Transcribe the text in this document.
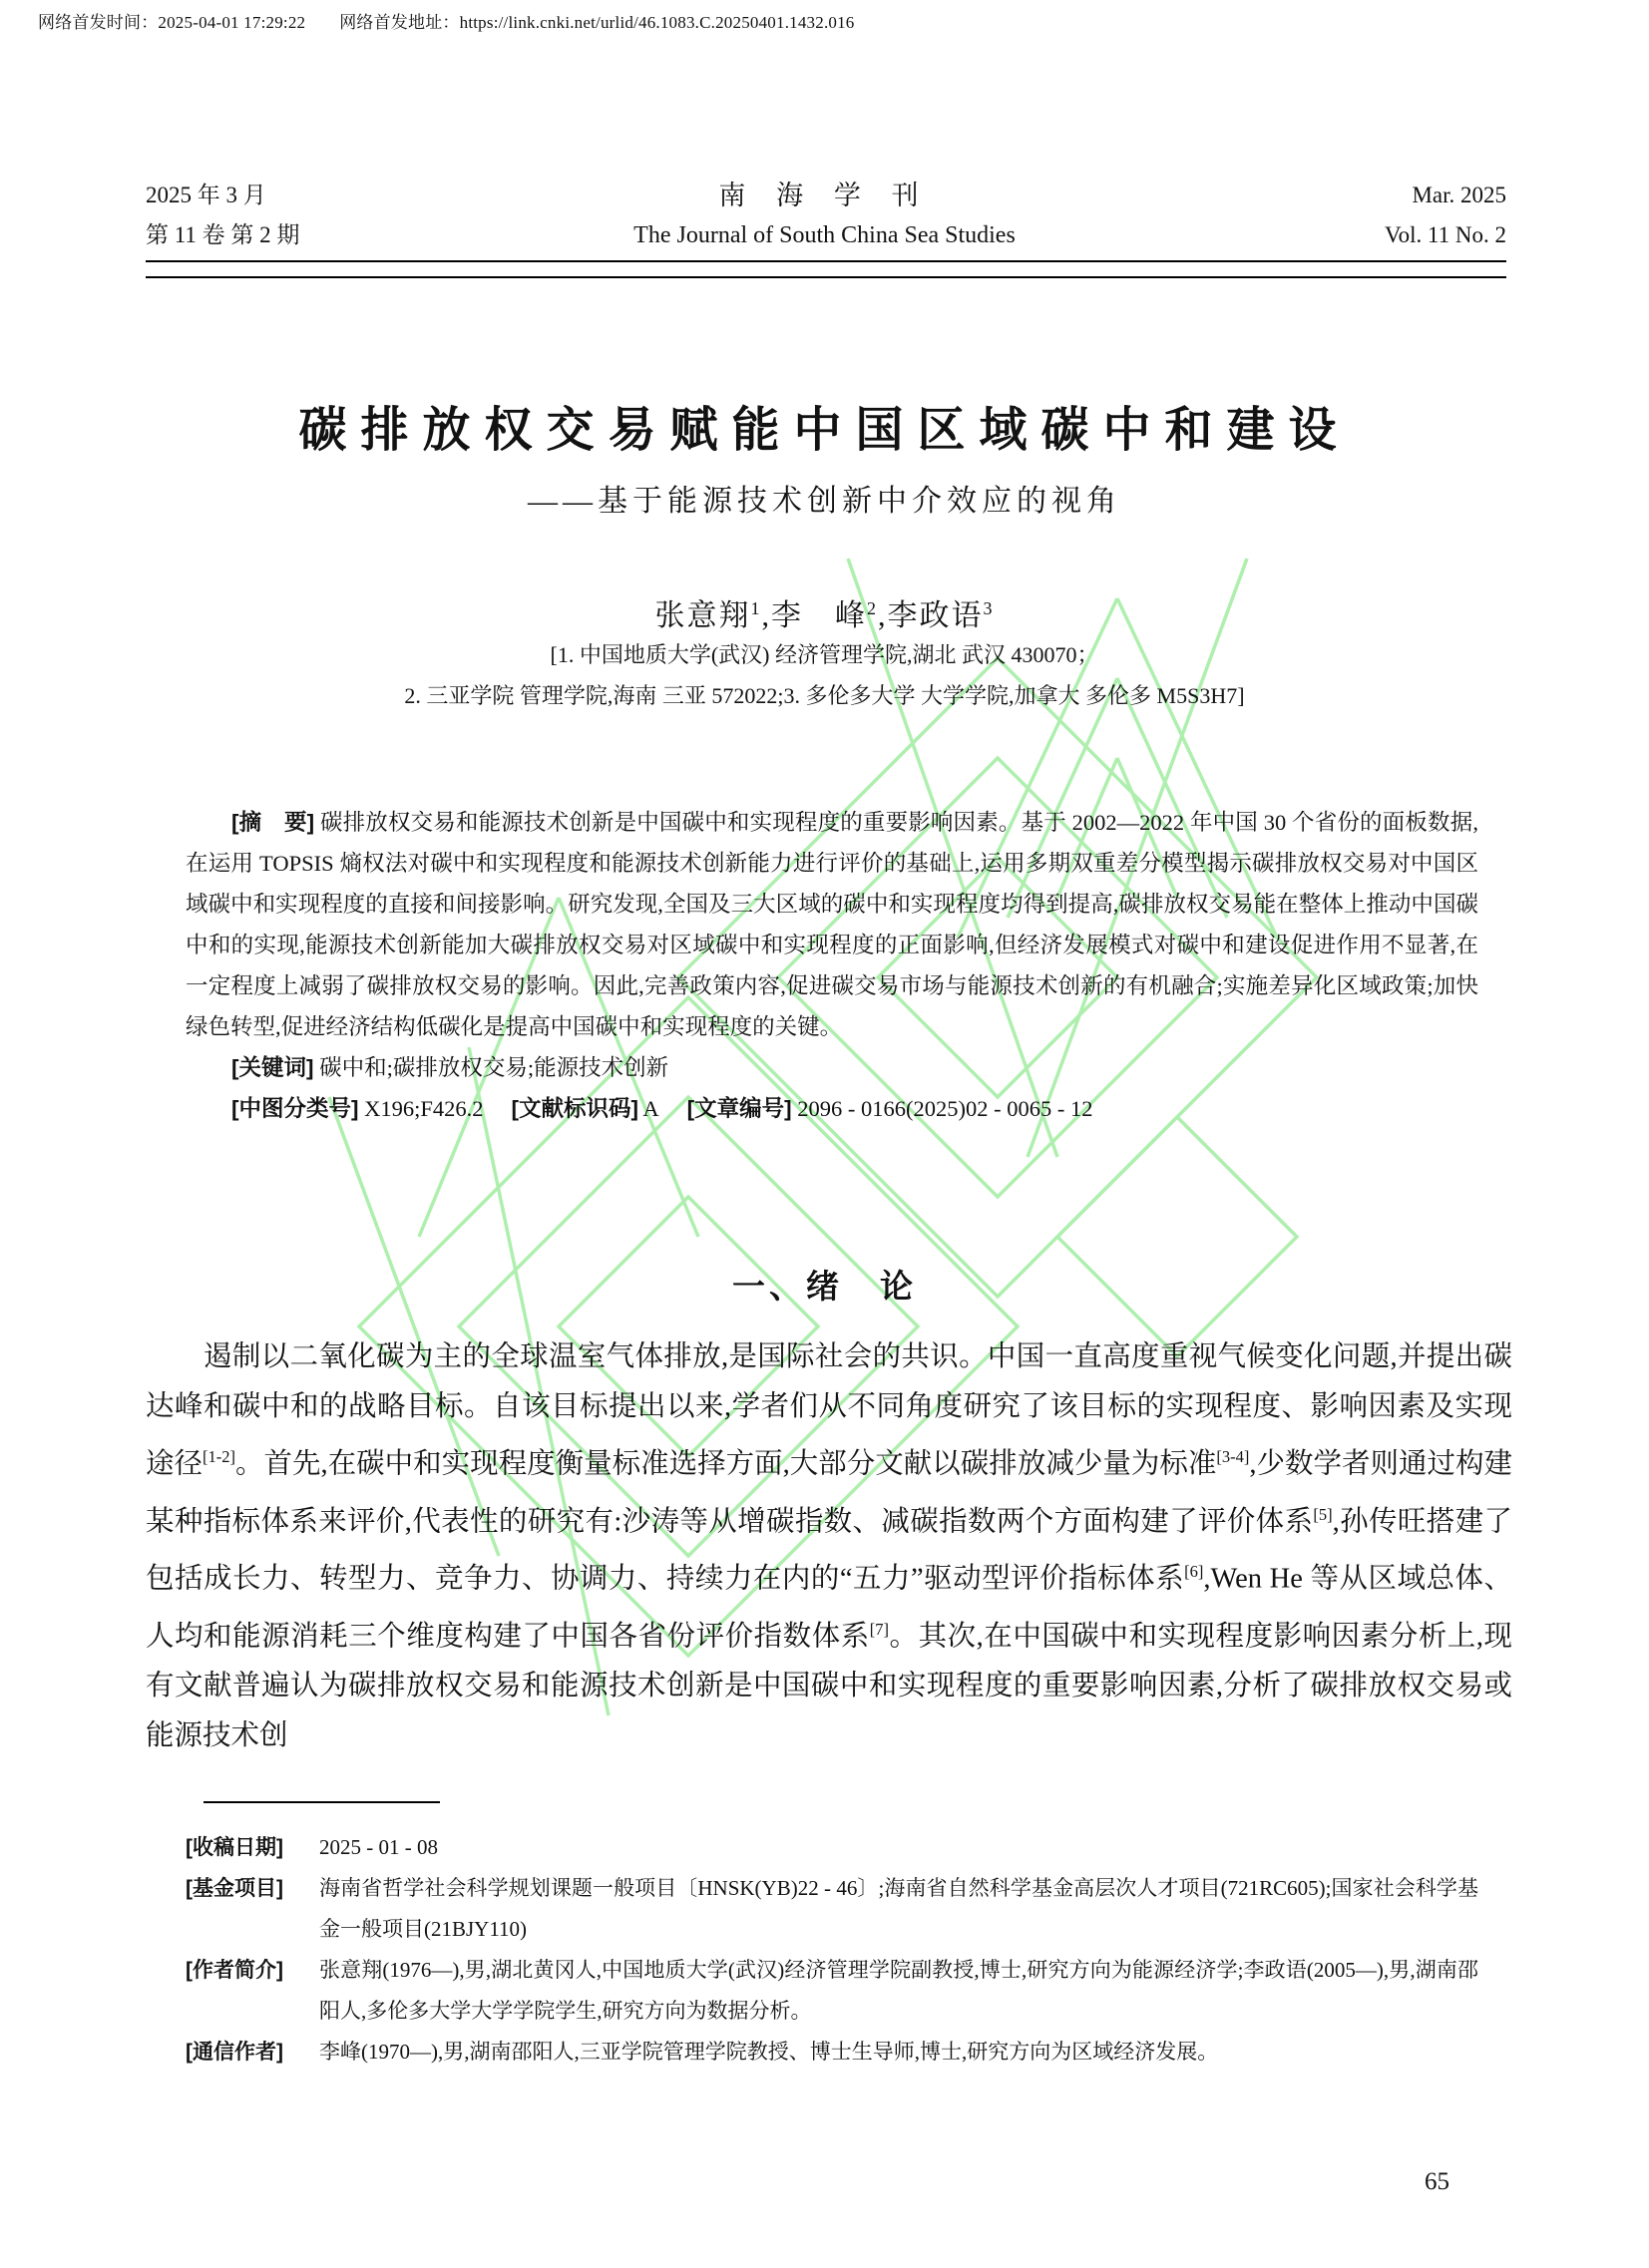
网络首发时间：2025-04-01 17:29:22 网络首发地址：https://link.cnki.net/urlid/46.1083.C.20250401.1432.016
2025 年 3 月
第 11 卷 第 2 期
南 海 学 刊
The Journal of South China Sea Studies
Mar. 2025
Vol. 11 No. 2
碳排放权交易赋能中国区域碳中和建设
——基于能源技术创新中介效应的视角
张意翔$^1$,李　峰$^2$,李政语$^3$
[1. 中国地质大学(武汉) 经济管理学院,湖北 武汉 430070；
2. 三亚学院 管理学院,海南 三亚 572022;3. 多伦多大学 大学学院,加拿大 多伦多 M5S3H7]

[摘　要] 碳排放权交易和能源技术创新是中国碳中和实现程度的重要影响因素。基于 2002—2022 年中国 30 个省份的面板数据,在运用 TOPSIS 熵权法对碳中和实现程度和能源技术创新能力进行评价的基础上,运用多期双重差分模型揭示碳排放权交易对中国区域碳中和实现程度的直接和间接影响。研究发现,全国及三大区域的碳中和实现程度均得到提高,碳排放权交易能在整体上推动中国碳中和的实现,能源技术创新能加大碳排放权交易对区域碳中和实现程度的正面影响,但经济发展模式对碳中和建设促进作用不显著,在一定程度上减弱了碳排放权交易的影响。因此,完善政策内容,促进碳交易市场与能源技术创新的有机融合;实施差异化区域政策;加快绿色转型,促进经济结构低碳化是提高中国碳中和实现程度的关键。

[关键词] 碳中和;碳排放权交易;能源技术创新

[中图分类号] X196;F426.2 [文献标识码] A [文章编号] 2096 - 0166(2025)02 - 0065 - 12

一、绪　论

遏制以二氧化碳为主的全球温室气体排放,是国际社会的共识。中国一直高度重视气候变化问题,并提出碳达峰和碳中和的战略目标。自该目标提出以来,学者们从不同角度研究了该目标的实现程度、影响因素及实现途径[1-2]。首先,在碳中和实现程度衡量标准选择方面,大部分文献以碳排放减少量为标准[3-4],少数学者则通过构建某种指标体系来评价,代表性的研究有:沙涛等从增碳指数、减碳指数两个方面构建了评价体系[5],孙传旺搭建了包括成长力、转型力、竞争力、协调力、持续力在内的“五力”驱动型评价指标体系[6],Wen He 等从区域总体、人均和能源消耗三个维度构建了中国各省份评价指数体系[7]。其次,在中国碳中和实现程度影响因素分析上,现有文献普遍认为碳排放权交易和能源技术创新是中国碳中和实现程度的重要影响因素,分析了碳排放权交易或能源技术创

[收稿日期]	2025 - 01 - 08
[基金项目]	海南省哲学社会科学规划课题一般项目〔HNSK(YB)22 - 46〕;海南省自然科学基金高层次人才项目(721RC605);国家社会科学基金一般项目(21BJY110)
[作者简介]	张意翔(1976—),男,湖北黄冈人,中国地质大学(武汉)经济管理学院副教授,博士,研究方向为能源经济学;李政语(2005—),男,湖南邵阳人,多伦多大学大学学院学生,研究方向为数据分析。
[通信作者]	李峰(1970—),男,湖南邵阳人,三亚学院管理学院教授、博士生导师,博士,研究方向为区域经济发展。
65
